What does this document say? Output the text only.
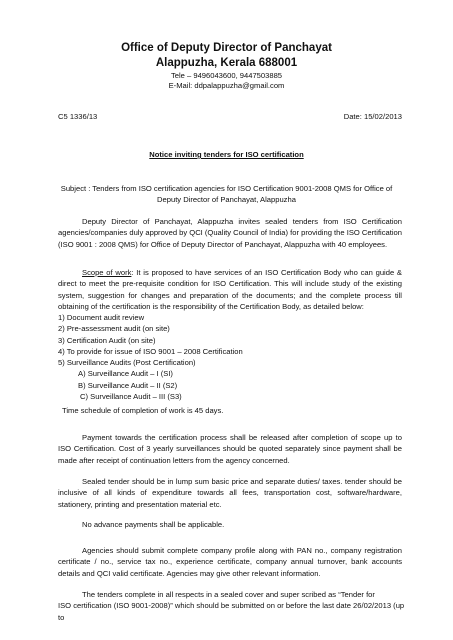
Office of Deputy Director of Panchayat
Alappuzha, Kerala 688001
Tele – 9496043600, 9447503885
E-Mail: ddpalappuzha@gmail.com
C5 1336/13	Date: 15/02/2013
Notice inviting tenders for ISO certification
Subject : Tenders from ISO certification agencies for ISO Certification 9001-2008 QMS for Office of
Deputy Director of Panchayat, Alappuzha
Deputy Director of Panchayat, Alappuzha invites sealed tenders from ISO Certification agencies/companies duly approved by QCI (Quality Council of India) for providing the ISO Certification (ISO 9001 : 2008 QMS) for Office of Deputy Director of Panchayat, Alappuzha with 40 employees.
Scope of work: It is proposed to have services of an ISO Certification Body who can guide & direct to meet the pre-requisite condition for ISO Certification. This will include study of the existing system, suggestion for changes and preparation of the documents; and the complete process till obtaining of the certification is the responsibility of the Certification Body, as detailed below:
1) Document audit review
2) Pre-assessment audit (on site)
3) Certification Audit (on site)
4) To provide for issue of ISO 9001 – 2008 Certification
5) Surveillance Audits (Post Certification)
A) Surveillance Audit – I (SI)
B) Surveillance Audit – II (S2)
C) Surveillance Audit – III (S3)
Time schedule of completion of work is 45 days.
Payment towards the certification process shall be released after completion of scope up to ISO Certification. Cost of 3 yearly surveillances should be quoted separately since payment shall be made after receipt of continuation letters from the agency concerned.
Sealed tender should be in lump sum basic price and separate duties/ taxes. tender should be inclusive of all kinds of expenditure towards all fees, transportation cost, software/hardware, stationery, printing and presentation material etc.
No advance payments shall be applicable.
Agencies should submit complete company profile along with PAN no., company registration certificate / no., service tax no., experience certificate, company annual turnover, bank accounts details and QCI valid certificate. Agencies may give other relevant information.
The tenders complete in all respects in a sealed cover and super scribed as “Tender for
ISO certification (ISO 9001-2008)” which should be submitted on or before the last date 26/02/2013 (up
to
